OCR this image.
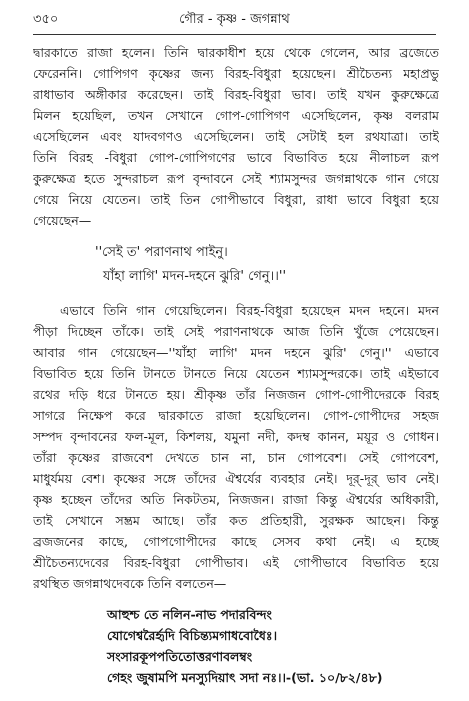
৩৫০	গৌর - কৃষ্ণ - জগন্নাথ
দ্বারকাতে রাজা হলেন। তিনি দ্বারকাধীশ হয়ে থেকে গেলেন, আর ব্রজেতে
ফেরেননি। গোপিগণ কৃষ্ণের জন্য বিরহ-বিধুরা হয়েছেন। শ্রীচৈতন্য মহাপ্রভু
রাধাভাব অঙ্গীকার করেছেন। তাই বিরহ-বিধুরা ভাব। তাই যখন কুরুক্ষেত্রে
মিলন হয়েছিল, তখন সেখানে গোপ-গোপিগণ এসেছিলেন, কৃষ্ণ বলরাম
এসেছিলেন এবং যাদবগণও এসেছিলেন। তাই সেটাই হল রথযাত্রা। তাই
তিনি বিরহ -বিধুরা গোপ-গোপিগণের ভাবে বিভাবিত হয়ে নীলাচল রূপ
কুরুক্ষেত্র হতে সুন্দরাচল রূপ বৃন্দাবনে সেই শ্যামসুন্দর জগন্নাথকে গান গেয়ে
গেয়ে নিয়ে যেতেন। তাই তিন গোপীভাবে বিধুরা, রাধা ভাবে বিধুরা হয়ে
গেয়েছেন—
''সেই ত' পরাণনাথ পাইনু।
যাঁহা লাগি' মদন-দহনে ঝুরি' গেনু।।''
এভাবে তিনি গান গেয়েছিলেন। বিরহ-বিধুরা হয়েছেন মদন দহনে। মদন
পীড়া দিচ্ছেন তাঁকে। তাই সেই পরাণনাথকে আজ তিনি খুঁজে পেয়েছেন।
আবার গান গেয়েছেন—''যাঁহা লাগি' মদন দহনে ঝুরি' গেনু।'' এভাবে
বিভাবিত হয়ে তিনি টানতে টানতে নিয়ে যেতেন শ্যামসুন্দরকে। তাই এইভাবে
রথের দড়ি ধরে টানতে হয়। শ্রীকৃষ্ণ তাঁর নিজজন গোপ-গোপীদেরকে বিরহ
সাগরে নিক্ষেপ করে দ্বারকাতে রাজা হয়েছিলেন। গোপ-গোপীদের সহজ
সম্পদ বৃন্দাবনের ফল-মূল, কিশলয়, যমুনা নদী, কদম্ব কানন, ময়ূর ও গোধন।
তাঁরা কৃষ্ণের রাজবেশ দেখতে চান না, চান গোপবেশ। সেই গোপবেশ,
মাধুর্যময় বেশ। কৃষ্ণের সঙ্গে তাঁদের ঐশ্বর্যের ব্যবহার নেই। দূর্-দূর্ ভাব নেই।
কৃষ্ণ হচ্ছেন তাঁদের অতি নিকটতম, নিজজন। রাজা কিন্তু ঐশ্বর্যের অধিকারী,
তাই সেখানে সম্ভ্রম আছে। তাঁর কত প্রতিহারী, সুরক্ষক আছেন। কিন্তু
ব্রজজনের কাছে, গোপগোপীদের কাছে সেসব কথা নেই। এ হচ্ছে
শ্রীচৈতন্যদেবের বিরহ-বিধুরা গোপীভাব। এই গোপীভাবে বিভাবিত হয়ে
রথস্থিত জগন্নাথদেবকে তিনি বলতেন—
আহুশ্চ তে নলিন-নাভ পদারবিন্দং
যোগেশ্বরৈর্হৃদি বিচিন্ত্যমগাধবোধৈঃ।
সংসারকূপপতিতোত্তরণাবলম্বং
গেহং জুষামপি মনস্যুদিয়াৎ সদা নঃ।।-(ভা. ১০/৮২/৪৮)
